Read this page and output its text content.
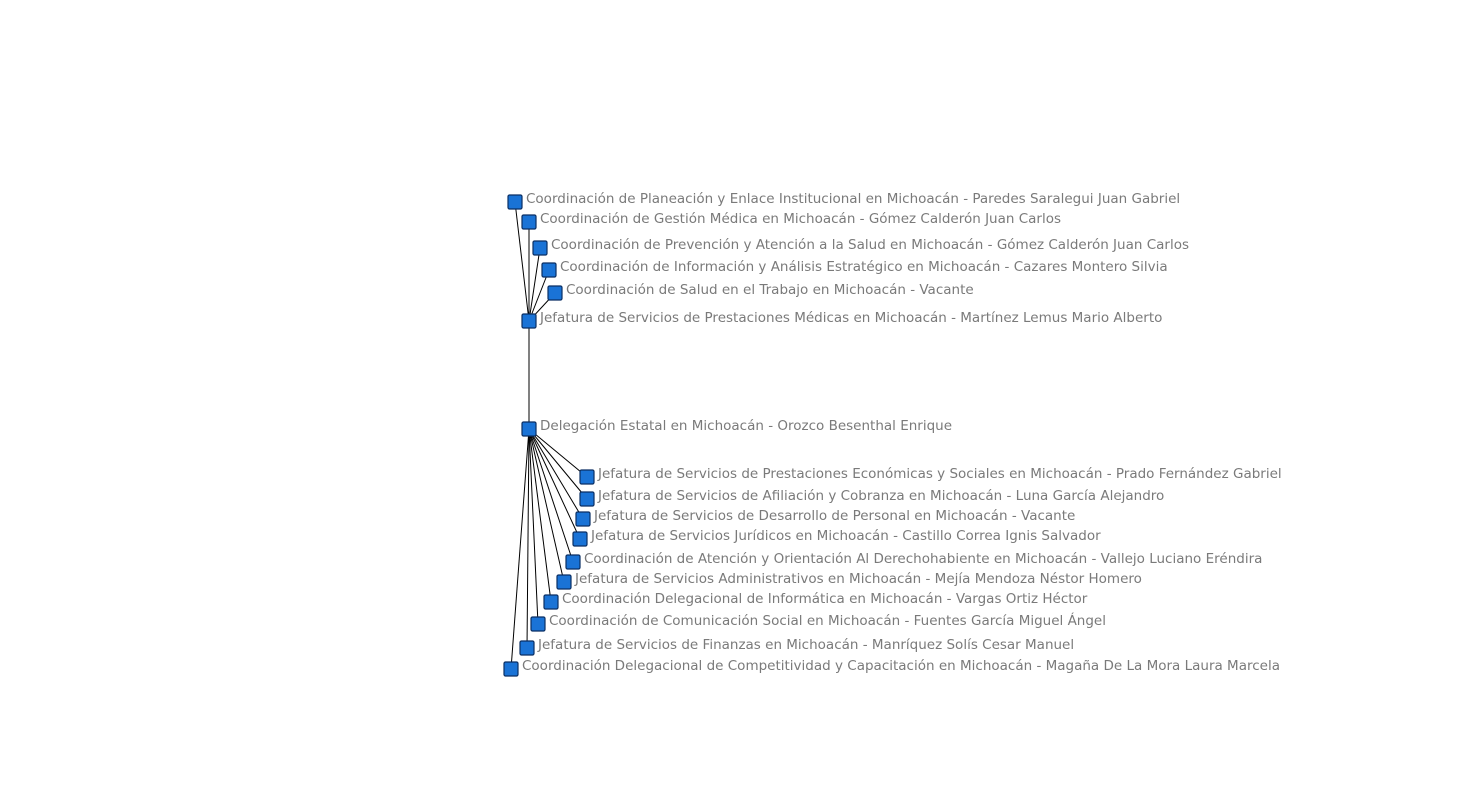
Coordinación de Planeación y Enlace Institucional en Michoacán - Paredes Saralegui Juan Gabriel
Coordinación de Gestión Médica en Michoacán - Gómez Calderón Juan Carlos
Coordinación de Prevención y Atención a la Salud en Michoacán - Gómez Calderón Juan Carlos
Coordinación de Información y Análisis Estratégico en Michoacán - Cazares Montero Silvia
Coordinación de Salud en el Trabajo en Michoacán - Vacante
Jefatura de Servicios de Prestaciones Médicas en Michoacán - Martínez Lemus Mario Alberto
Delegación Estatal en Michoacán - Orozco Besenthal Enrique
Jefatura de Servicios de Prestaciones Económicas y Sociales en Michoacán - Prado Fernández Gabriel
Jefatura de Servicios de Afiliación y Cobranza en Michoacán - Luna García Alejandro
Jefatura de Servicios de Desarrollo de Personal en Michoacán - Vacante
Jefatura de Servicios Jurídicos en Michoacán - Castillo Correa Ignis Salvador
Coordinación de Atención y Orientación Al Derechohabiente en Michoacán - Vallejo Luciano Eréndira
Jefatura de Servicios Administrativos en Michoacán - Mejía Mendoza Néstor Homero
Coordinación Delegacional de Informática en Michoacán - Vargas Ortiz Héctor
Coordinación de Comunicación Social en Michoacán - Fuentes García Miguel Ángel
Jefatura de Servicios de Finanzas en Michoacán - Manríquez Solís Cesar Manuel
Coordinación Delegacional de Competitividad y Capacitación en Michoacán - Magaña De La Mora Laura Marcela
